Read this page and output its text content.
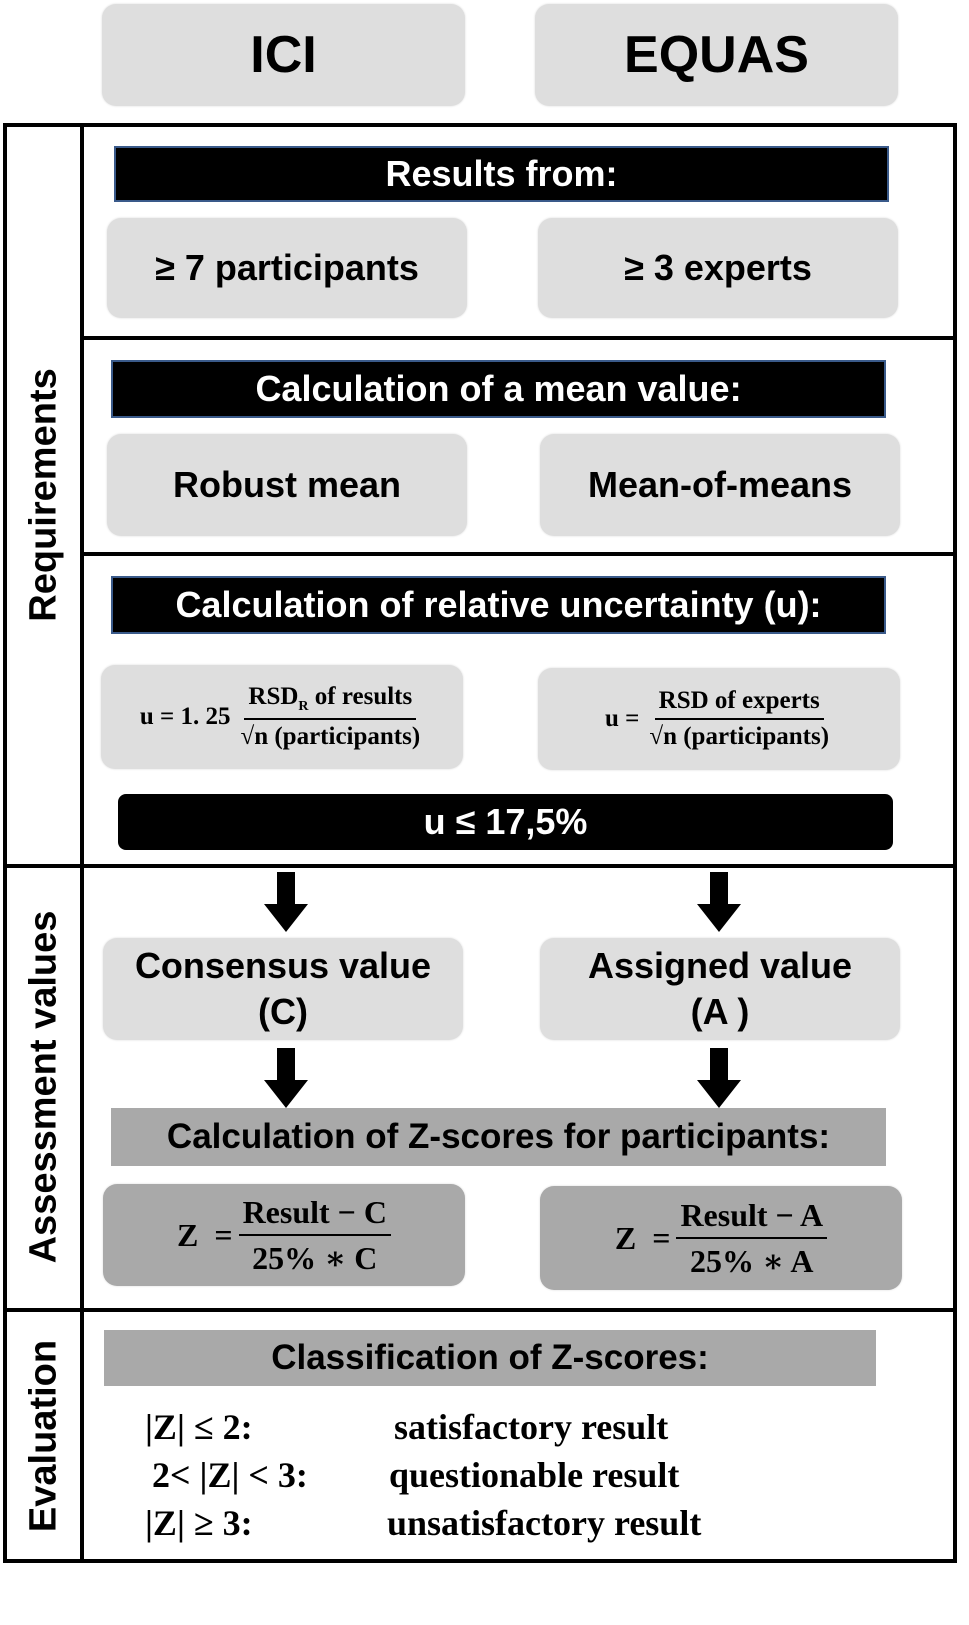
ICI	EQUAS
Requirements
Assessment values
Evaluation
Results from:
≥ 7 participants	≥ 3 experts
Calculation of a mean value:
Robust mean	Mean-of-means
Calculation of relative uncertainty (u):
u = 1. $25 \frac{RSD_R of results}{\text{√n (participants)}}$	$u = \frac{\text{RSD of experts}}{\text{√n (participants)}}$
u ≤ 17,5%
Consensus value
(C)
Assigned value
(A )
Calculation of Z-scores for participants:
$Z = \frac{\text{Result − C}}{25\% ∗ C}$	$Z = \frac{\text{Result − A}}{25\% ∗ A}$
Classification of Z-scores:
|Z| ≤ 2:	satisfactory result
2< |Z| < 3: questionable result
|Z| ≥ 3:	unsatisfactory result
